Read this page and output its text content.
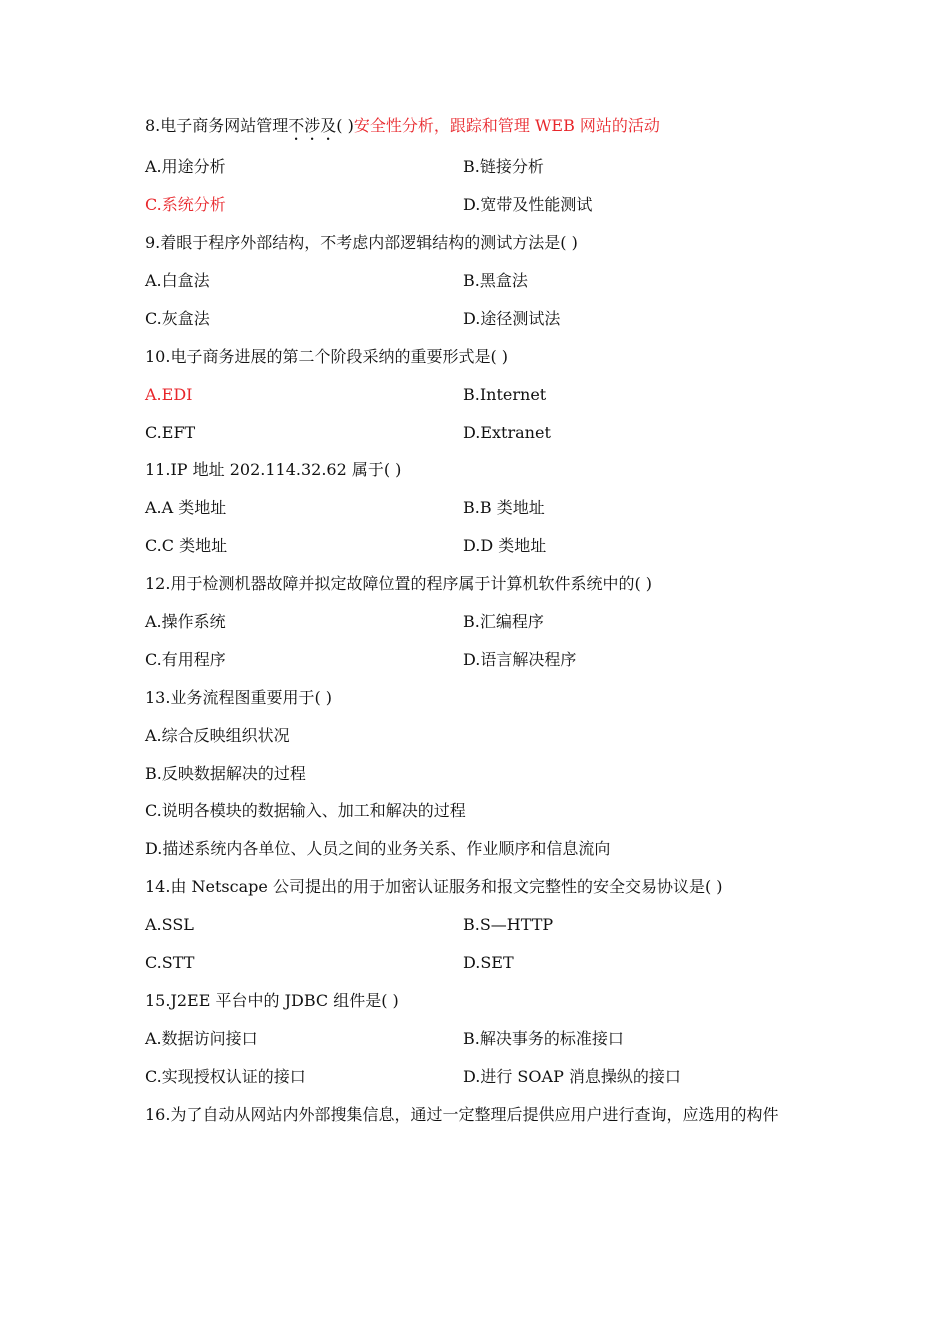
8.电子商务网站管理不涉及( )安全性分析，跟踪和管理 WEB 网站的活动
A.用途分析	B.链接分析
C.系统分析	D.宽带及性能测试
9.着眼于程序外部结构，不考虑内部逻辑结构的测试方法是( )
A.白盒法	B.黑盒法
C.灰盒法	D.途径测试法
10.电子商务进展的第二个阶段采纳的重要形式是( )
A.EDI	B.Internet
C.EFT	D.Extranet
11.IP 地址 202.114.32.62 属于( )
A.A 类地址	B.B 类地址
C.C 类地址	D.D 类地址
12.用于检测机器故障并拟定故障位置的程序属于计算机软件系统中的( )
A.操作系统	B.汇编程序
C.有用程序	D.语言解决程序
13.业务流程图重要用于( )
A.综合反映组织状况
B.反映数据解决的过程
C.说明各模块的数据输入、加工和解决的过程
D.描述系统内各单位、人员之间的业务关系、作业顺序和信息流向
14.由 Netscape 公司提出的用于加密认证服务和报文完整性的安全交易协议是( )
A.SSL	B.S—HTTP
C.STT	D.SET
15.J2EE 平台中的 JDBC 组件是( )
A.数据访问接口	B.解决事务的标准接口
C.实现授权认证的接口	D.进行 SOAP 消息操纵的接口
16.为了自动从网站内外部搜集信息，通过一定整理后提供应用户进行查询，应选用的构件
